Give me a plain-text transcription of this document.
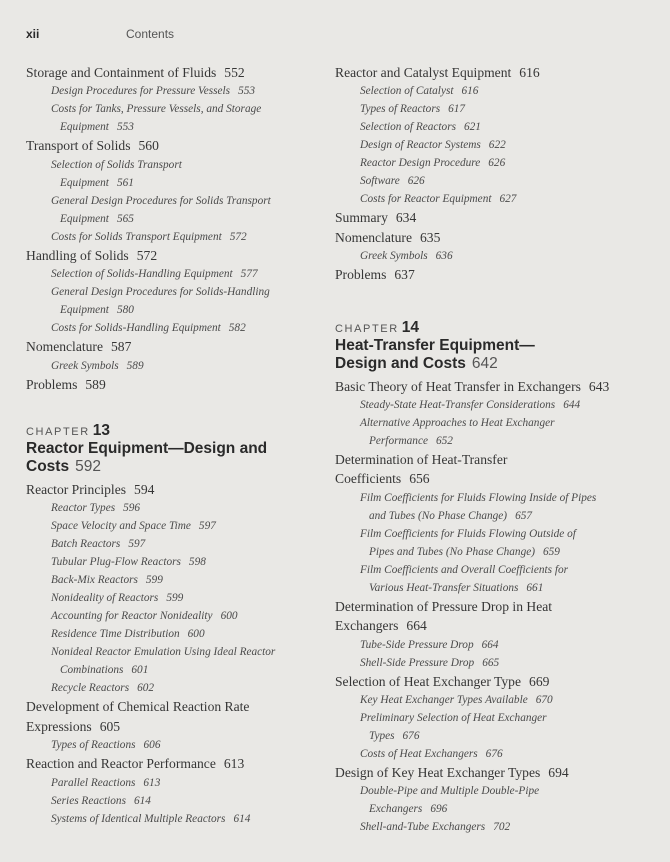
xii	Contents
Storage and Containment of Fluids 552
Design Procedures for Pressure Vessels 553
Costs for Tanks, Pressure Vessels, and Storage
Equipment 553
Transport of Solids 560
Selection of Solids Transport
Equipment 561
General Design Procedures for Solids Transport
Equipment 565
Costs for Solids Transport Equipment 572
Handling of Solids 572
Selection of Solids-Handling Equipment 577
General Design Procedures for Solids-Handling
Equipment 580
Costs for Solids-Handling Equipment 582
Nomenclature 587
Greek Symbols 589
Problems 589
CHAPTER 13
Reactor Equipment—Design and
Costs 592
Reactor Principles 594
Reactor Types 596
Space Velocity and Space Time 597
Batch Reactors 597
Tubular Plug-Flow Reactors 598
Back-Mix Reactors 599
Nonideality of Reactors 599
Accounting for Reactor Nonideality 600
Residence Time Distribution 600
Nonideal Reactor Emulation Using Ideal Reactor
Combinations 601
Recycle Reactors 602
Development of Chemical Reaction Rate
Expressions 605
Types of Reactions 606
Reaction and Reactor Performance 613
Parallel Reactions 613
Series Reactions 614
Systems of Identical Multiple Reactors 614
Reactor and Catalyst Equipment 616
Selection of Catalyst 616
Types of Reactors 617
Selection of Reactors 621
Design of Reactor Systems 622
Reactor Design Procedure 626
Software 626
Costs for Reactor Equipment 627
Summary 634
Nomenclature 635
Greek Symbols 636
Problems 637
CHAPTER 14
Heat-Transfer Equipment—
Design and Costs 642
Basic Theory of Heat Transfer in Exchangers 643
Steady-State Heat-Transfer Considerations 644
Alternative Approaches to Heat Exchanger
Performance 652
Determination of Heat-Transfer
Coefficients 656
Film Coefficients for Fluids Flowing Inside of Pipes
and Tubes (No Phase Change) 657
Film Coefficients for Fluids Flowing Outside of
Pipes and Tubes (No Phase Change) 659
Film Coefficients and Overall Coefficients for
Various Heat-Transfer Situations 661
Determination of Pressure Drop in Heat
Exchangers 664
Tube-Side Pressure Drop 664
Shell-Side Pressure Drop 665
Selection of Heat Exchanger Type 669
Key Heat Exchanger Types Available 670
Preliminary Selection of Heat Exchanger
Types 676
Costs of Heat Exchangers 676
Design of Key Heat Exchanger Types 694
Double-Pipe and Multiple Double-Pipe
Exchangers 696
Shell-and-Tube Exchangers 702
